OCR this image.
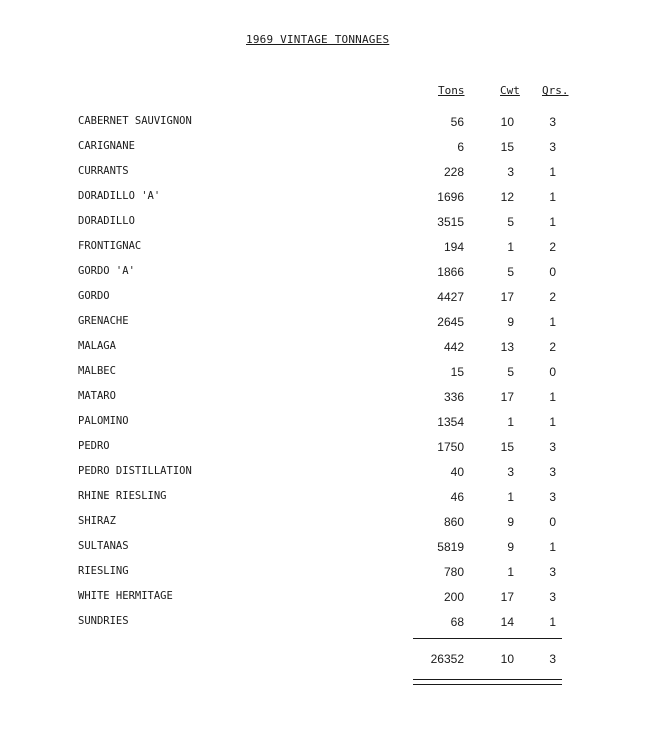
1969 VINTAGE TONNAGES
Tons	Cwt Qrs.
CABERNET SAUVIGNON	56	10	3
CARIGNANE	6	15	3
CURRANTS	228	3	1
DORADILLO 'A'	1696	12	1
DORADILLO	3515	5	1
FRONTIGNAC	194	1	2
GORDO 'A'	1866	5	0
GORDO	4427	17	2
GRENACHE	2645	9	1
MALAGA	442	13	2
MALBEC	15	5	0
MATARO	336	17	1
PALOMINO	1354	1	1
PEDRO	1750	15	3
PEDRO DISTILLATION	40	3	3
RHINE RIESLING	46	1	3
SHIRAZ	860	9	0
SULTANAS	5819	9	1
RIESLING	780	1	3
WHITE HERMITAGE	200	17	3
SUNDRIES	68	14	1
26352	10	3
